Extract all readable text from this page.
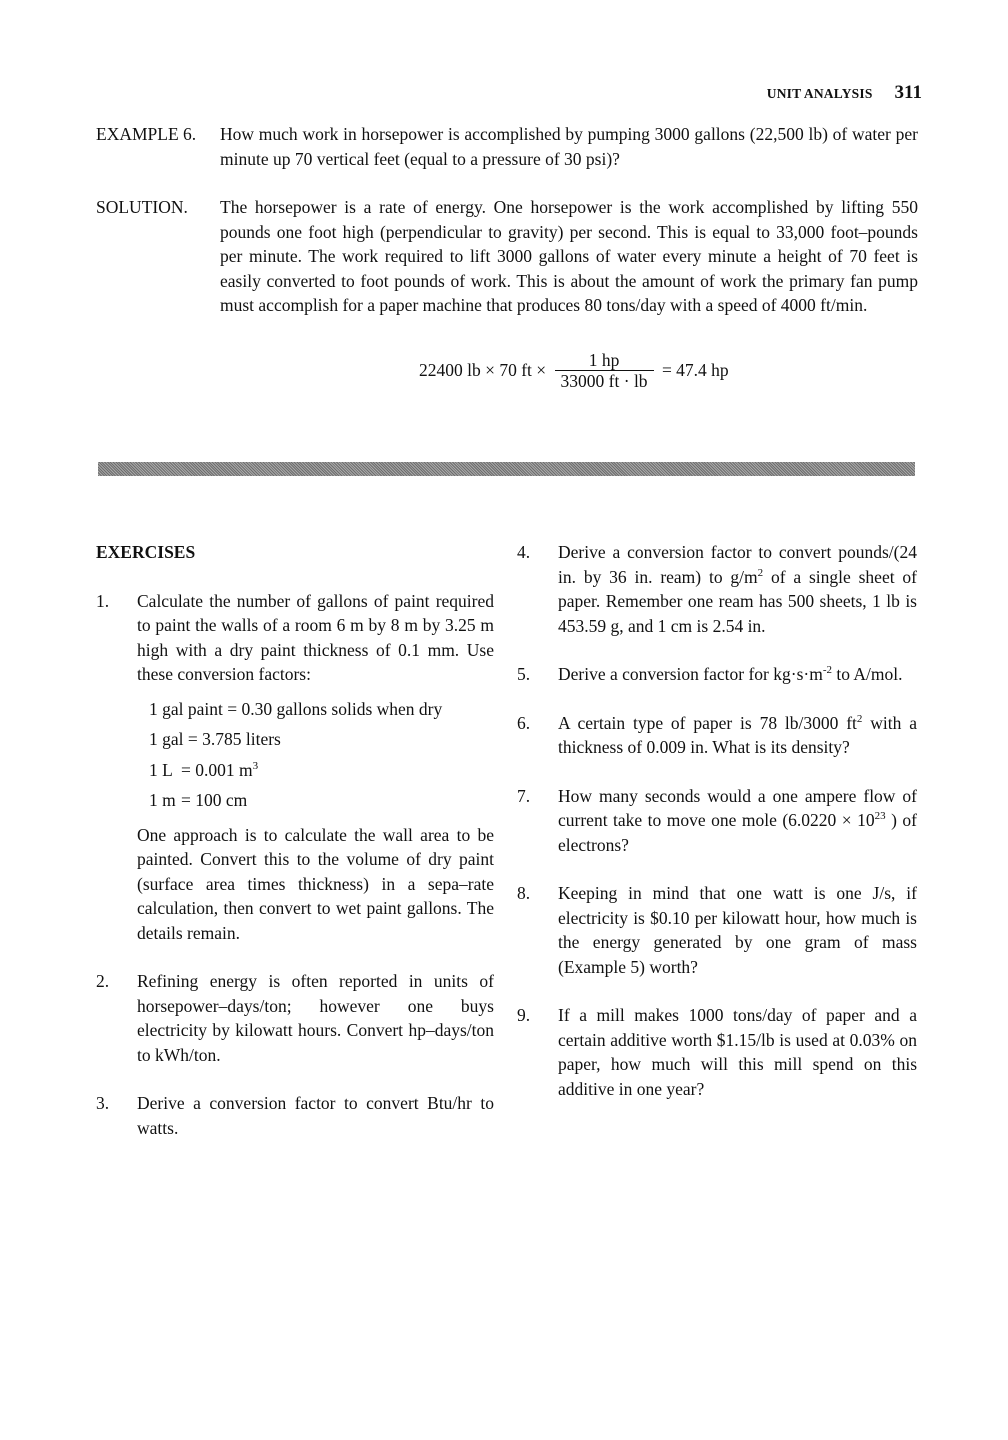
UNIT ANALYSIS 311
EXAMPLE 6. How much work in horsepower is accomplished by pumping 3000 gallons (22,500 lb) of water per minute up 70 vertical feet (equal to a pressure of 30 psi)?
SOLUTION. The horsepower is a rate of energy. One horsepower is the work accomplished by lifting 550 pounds one foot high (perpendicular to gravity) per second. This is equal to 33,000 foot–pounds per minute. The work required to lift 3000 gallons of water every minute a height of 70 feet is easily converted to foot pounds of work. This is about the amount of work the primary fan pump must accomplish for a paper machine that produces 80 tons/day with a speed of 4000 ft/min.
22400 lb × 70 ft × $\frac{1 hp}{33000 ft \cdot lb} = 47.4$ hp
EXERCISES
1. Calculate the number of gallons of paint required to paint the walls of a room 6 m by 8 m by 3.25 m high with a dry paint thickness of 0.1 mm. Use these conversion factors:
1 gal paint = 0.30 gallons solids when dry
1 gal = 3.785 liters
1 L = 0.001 $m^3$
1 m = 100 cm
One approach is to calculate the wall area to be painted. Convert this to the volume of dry paint (surface area times thickness) in a sepa–rate calculation, then convert to wet paint gallons. The details remain.
2. Refining energy is often reported in units of horsepower–days/ton; however one buys electricity by kilowatt hours. Convert hp–days/ton to kWh/ton.
3. Derive a conversion factor to convert Btu/hr to watts.
4. Derive a conversion factor to convert pounds/(24 in. by 36 in. ream) to $g/m^2$ of a single sheet of paper. Remember one ream has 500 sheets, 1 lb is 453.59 g, and 1 cm is 2.54 in.
5. Derive a conversion factor for $kg\cdot s\cdot m^{-2}$ to A/mol.
6. A certain type of paper is 78 lb/3000 $ft^2$ with a thickness of 0.009 in. What is its density?
7. How many seconds would a one ampere flow of current take to move one mole ($6.0220 \times 10^{23}$ ) of electrons?
8. Keeping in mind that one watt is one J/s, if electricity is $0.10 per kilowatt hour, how much is the energy generated by one gram of mass (Example 5) worth?
9. If a mill makes 1000 tons/day of paper and a certain additive worth $1.15/lb is used at 0.03% on paper, how much will this mill spend on this additive in one year?
